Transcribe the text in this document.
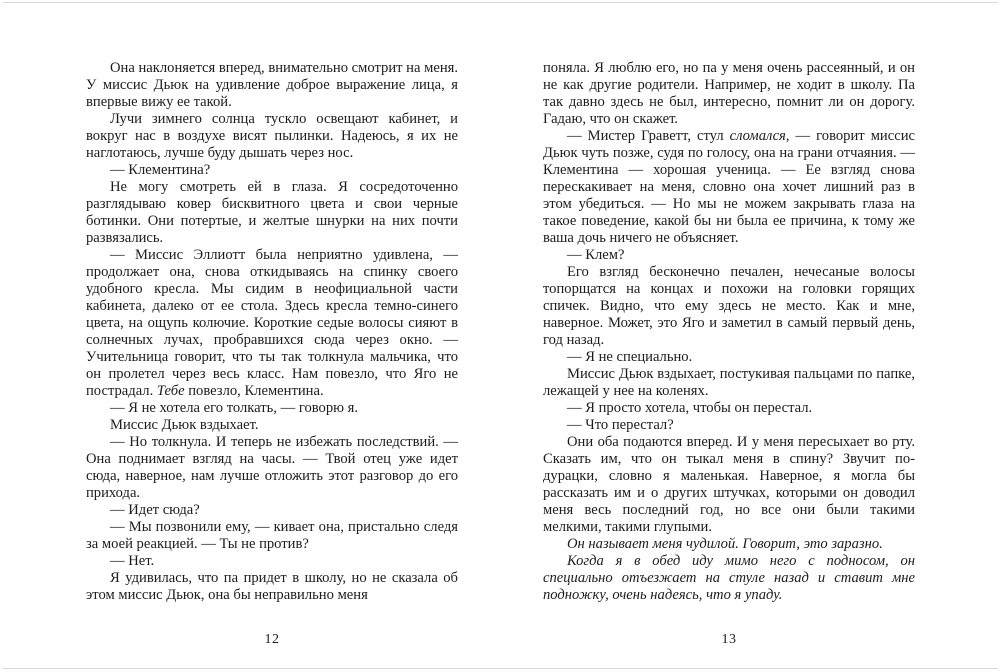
Она наклоняется вперед, внимательно смотрит на меня. У миссис Дьюк на удивление доброе выражение лица, я впервые вижу ее такой.

Лучи зимнего солнца тускло освещают кабинет, и вокруг нас в воздухе висят пылинки. Надеюсь, я их не наглотаюсь, лучше буду дышать через нос.

— Клементина?

Не могу смотреть ей в глаза. Я сосредоточенно разглядываю ковер бисквитного цвета и свои черные ботинки. Они потертые, и желтые шнурки на них почти развязались.

— Миссис Эллиотт была неприятно удивлена, — продолжает она, снова откидываясь на спинку своего удобного кресла. Мы сидим в неофициальной части кабинета, далеко от ее стола. Здесь кресла темно-синего цвета, на ощупь колючие. Короткие седые волосы сияют в солнечных лучах, пробравшихся сюда через окно. — Учительница говорит, что ты так толкнула мальчика, что он пролетел через весь класс. Нам повезло, что Яго не пострадал. Тебе повезло, Клементина.

— Я не хотела его толкать, — говорю я.

Миссис Дьюк вздыхает.

— Но толкнула. И теперь не избежать последствий. — Она поднимает взгляд на часы. — Твой отец уже идет сюда, наверное, нам лучше отложить этот разговор до его прихода.

— Идет сюда?

— Мы позвонили ему, — кивает она, пристально следя за моей реакцией. — Ты не против?

— Нет.

Я удивилась, что па придет в школу, но не сказала об этом миссис Дьюк, она бы неправильно меня

12

поняла. Я люблю его, но па у меня очень рассеянный, и он не как другие родители. Например, не ходит в школу. Па так давно здесь не был, интересно, помнит ли он дорогу. Гадаю, что он скажет.

— Мистер Граветт, стул сломался, — говорит миссис Дьюк чуть позже, судя по голосу, она на грани отчаяния. — Клементина — хорошая ученица. — Ее взгляд снова перескакивает на меня, словно она хочет лишний раз в этом убедиться. — Но мы не можем закрывать глаза на такое поведение, какой бы ни была ее причина, к тому же ваша дочь ничего не объясняет.

— Клем?

Его взгляд бесконечно печален, нечесаные волосы топорщатся на концах и похожи на головки горящих спичек. Видно, что ему здесь не место. Как и мне, наверное. Может, это Яго и заметил в самый первый день, год назад.

— Я не специально.

Миссис Дьюк вздыхает, постукивая пальцами по папке, лежащей у нее на коленях.

— Я просто хотела, чтобы он перестал.

— Что перестал?

Они оба подаются вперед. И у меня пересыхает во рту. Сказать им, что он тыкал меня в спину? Звучит по-дурацки, словно я маленькая. Наверное, я могла бы рассказать им и о других штучках, которыми он доводил меня весь последний год, но все они были такими мелкими, такими глупыми.

Он называет меня чудилой. Говорит, это заразно.

Когда я в обед иду мимо него с подносом, он специально отъезжает на стуле назад и ставит мне подножку, очень надеясь, что я упаду.

13
